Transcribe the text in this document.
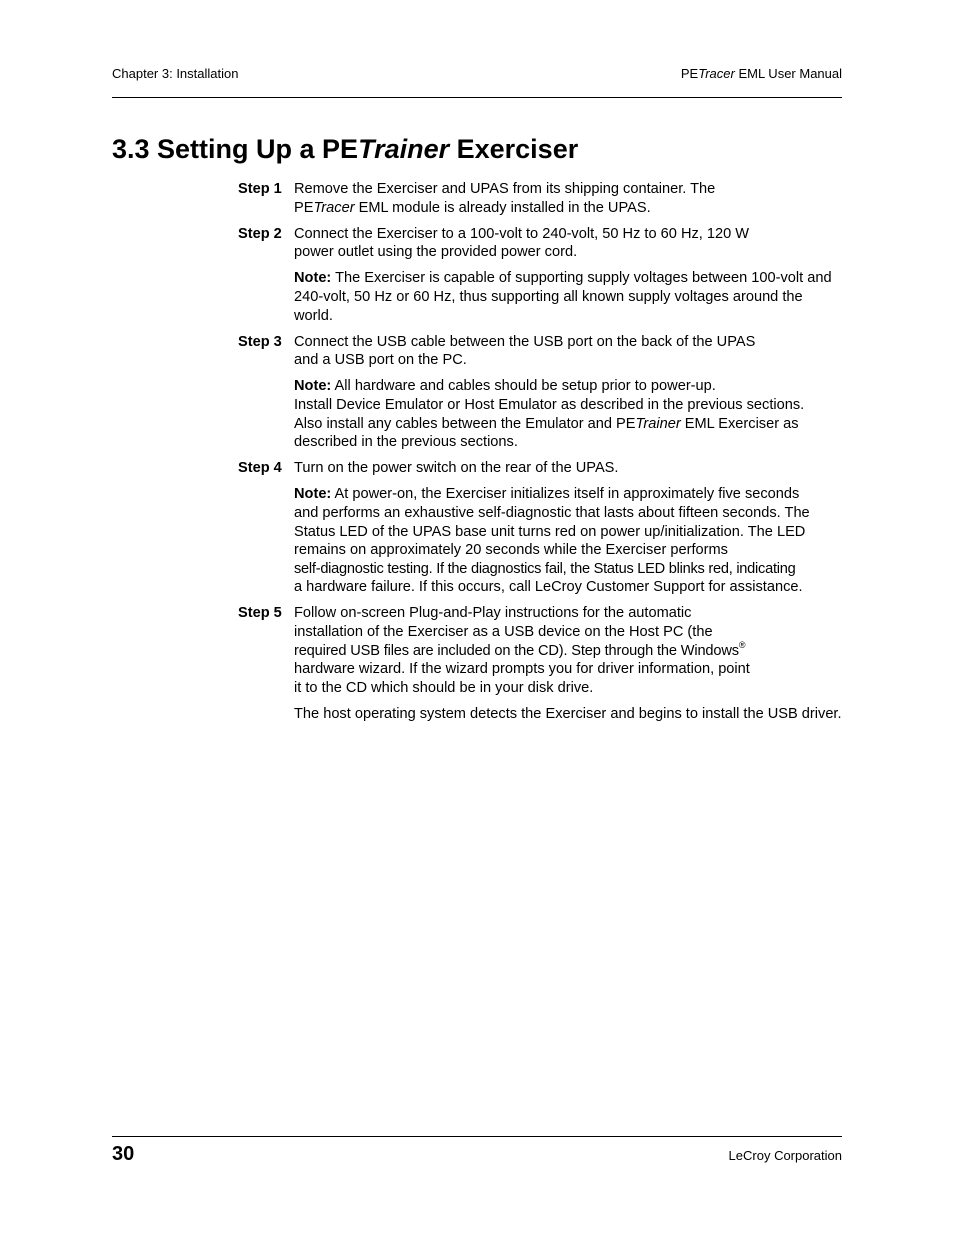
Chapter 3: Installation	PETracer EML User Manual
3.3 Setting Up a PETrainer Exerciser
Step 1 Remove the Exerciser and UPAS from its shipping container. The
PETracer EML module is already installed in the UPAS.

Step 2 Connect the Exerciser to a 100-volt to 240-volt, 50 Hz to 60 Hz, 120 W
power outlet using the provided power cord.

Note: The Exerciser is capable of supporting supply voltages between 100-volt and 240-volt, 50 Hz or 60 Hz, thus supporting all known supply voltages around the world.

Step 3 Connect the USB cable between the USB port on the back of the UPAS
and a USB port on the PC.

Note: All hardware and cables should be setup prior to power-up.
Install Device Emulator or Host Emulator as described in the previous sections.
Also install any cables between the Emulator and PETrainer EML Exerciser as
described in the previous sections.

Step 4 Turn on the power switch on the rear of the UPAS.

Note: At power-on, the Exerciser initializes itself in approximately five seconds
and performs an exhaustive self-diagnostic that lasts about fifteen seconds. The
Status LED of the UPAS base unit turns red on power up/initialization. The LED
remains on approximately 20 seconds while the Exerciser performs
self-diagnostic testing. If the diagnostics fail, the Status LED blinks red, indicating
a hardware failure. If this occurs, call LeCroy Customer Support for assistance.

Step 5 Follow on-screen Plug-and-Play instructions for the automatic
installation of the Exerciser as a USB device on the Host PC (the
required USB files are included on the CD). Step through the Windows®
hardware wizard. If the wizard prompts you for driver information, point
it to the CD which should be in your disk drive.

The host operating system detects the Exerciser and begins to install the USB driver.

30	LeCroy Corporation
